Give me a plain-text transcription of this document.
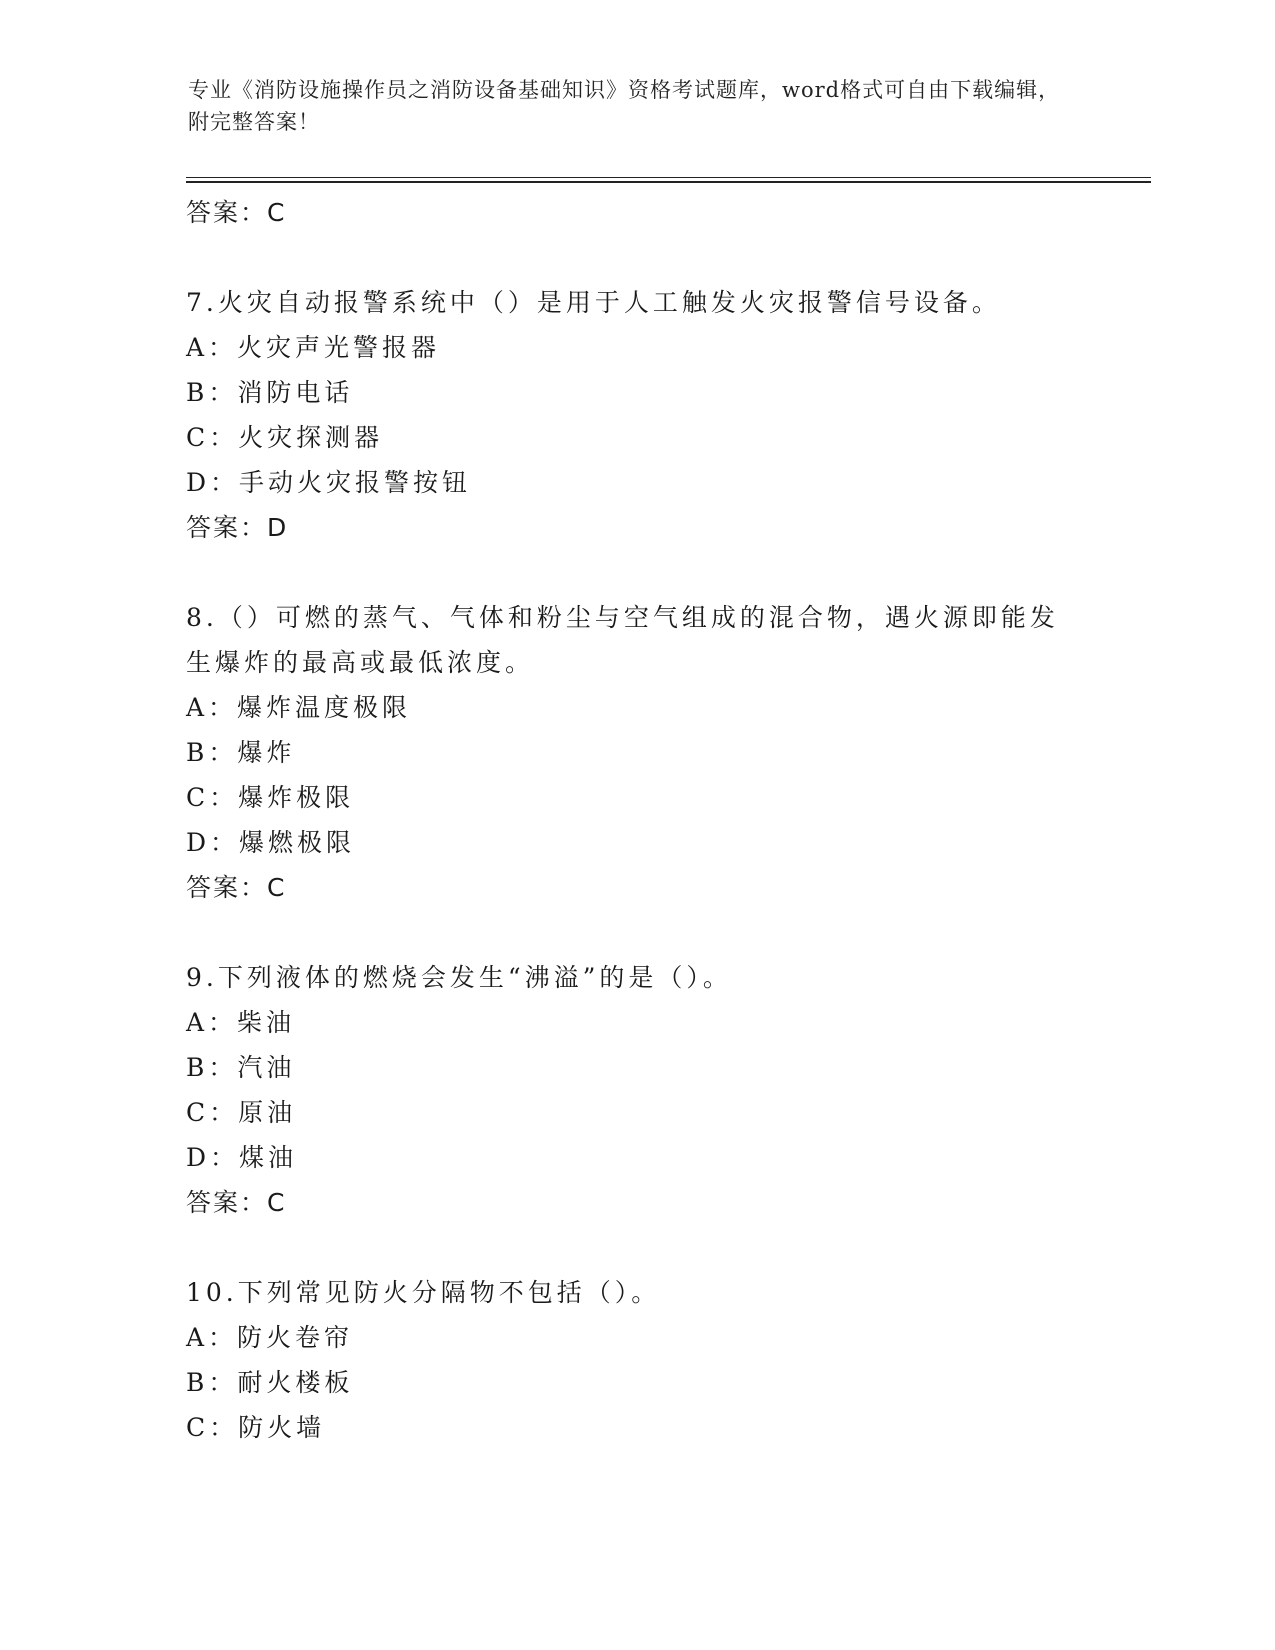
专业《消防设施操作员之消防设备基础知识》资格考试题库，word格式可自由下载编辑，附完整答案！
答案：C
7.火灾自动报警系统中（）是用于人工触发火灾报警信号设备。
A：火灾声光警报器
B：消防电话
C：火灾探测器
D：手动火灾报警按钮
答案：D
8.（）可燃的蒸气、气体和粉尘与空气组成的混合物，遇火源即能发生爆炸的最高或最低浓度。
A：爆炸温度极限
B：爆炸
C：爆炸极限
D：爆燃极限
答案：C
9.下列液体的燃烧会发生“沸溢”的是（）。
A：柴油
B：汽油
C：原油
D：煤油
答案：C
10.下列常见防火分隔物不包括（）。
A：防火卷帘
B：耐火楼板
C：防火墙
